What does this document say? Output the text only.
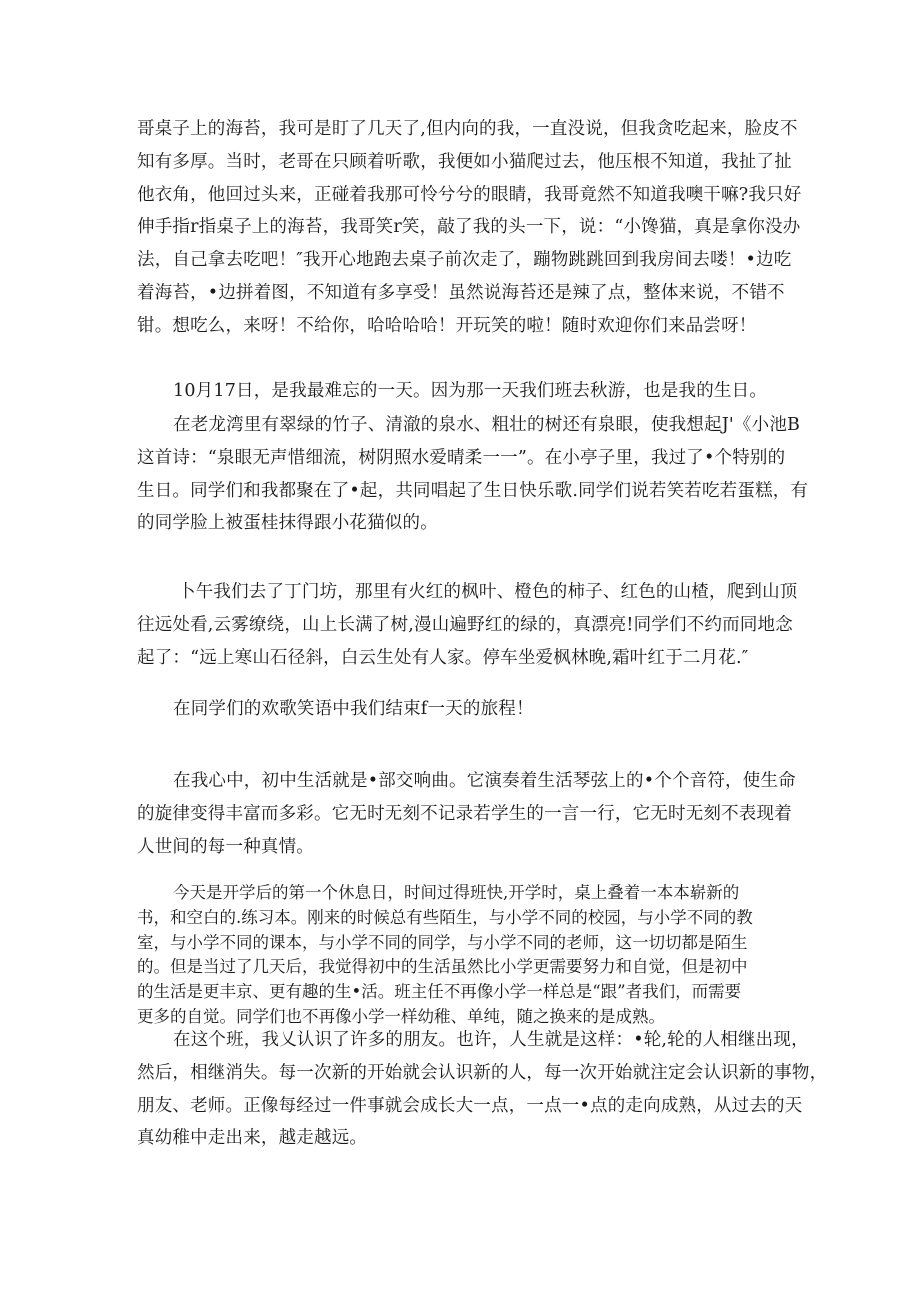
哥桌子上的海苔，我可是盯了几天了,但内向的我，一直没说，但我贪吃起来，脸皮不
知有多厚。当时，老哥在只顾着听歌，我便如小猫爬过去，他压根不知道，我扯了扯
他衣角，他回过头来，正碰着我那可怜兮兮的眼睛，我哥竟然不知道我噢干嘛?我只好
伸手指r指桌子上的海苔，我哥笑r笑，敲了我的头一下，说：“小馋猫，真是拿你没办
法，自己拿去吃吧！″我开心地跑去桌子前次走了，蹦物跳跳回到我房间去喽！•边吃
着海苔，•边拼着图，不知道有多享受！虽然说海苔还是辣了点，整体来说，不错不
钳。想吃么，来呀！不给你，哈哈哈哈！开玩笑的啦！随时欢迎你们来品尝呀！
10月17日，是我最难忘的一天。因为那一天我们班去秋游，也是我的生日。
在老龙湾里有翠绿的竹子、清澈的泉水、粗壮的树还有泉眼，使我想起J'《小池B
这首诗：“泉眼无声惜细流，树阴照水爱晴柔一一”。在小亭子里，我过了•个特别的
生日。同学们和我都聚在了•起，共同唱起了生日快乐歌.同学们说若笑若吃若蛋糕，有
的同学脸上被蛋桂抹得跟小花猫似的。
卜午我们去了丁门坊，那里有火红的枫叶、橙色的柿子、红色的山楂，爬到山顶
往远处看,云雾缭绕，山上长满了树,漫山遍野红的绿的，真漂亮!同学们不约而同地念
起了：“远上寒山石径斜，白云生处有人家。停车坐爱枫林晚,霜叶红于二月花.″
在同学们的欢歌笑语中我们结束f一天的旅程！
在我心中，初中生活就是•部交响曲。它演奏着生活琴弦上的•个个音符，使生命
的旋律变得丰富而多彩。它无时无刻不记录若学生的一言一行，它无时无刻不表现着
人世间的每一种真情。
今天是开学后的第一个休息日，时间过得班快,开学时，桌上叠着一本本崭新的
书，和空白的.练习本。刚来的时候总有些陌生，与小学不同的校园，与小学不同的教
室，与小学不同的课本，与小学不同的同学，与小学不同的老师，这一切切都是陌生
的。但是当过了几天后，我觉得初中的生活虽然比小学更需要努力和自觉，但是初中
的生活是更丰京、更有趣的生•活。班主任不再像小学一样总是“跟”者我们，而需要
更多的自觉。同学们也不再像小学一样幼稚、单纯，随之换来的是成熟。
在这个班，我乂认识了许多的朋友。也许，人生就是这样：•轮,轮的人相继出现，
然后，相继消失。每一次新的开始就会认识新的人，每一次开始就注定会认识新的事物，
朋友、老师。正像每经过一件事就会成长大一点，一点一•点的走向成熟，从过去的天
真幼稚中走出来，越走越远。
